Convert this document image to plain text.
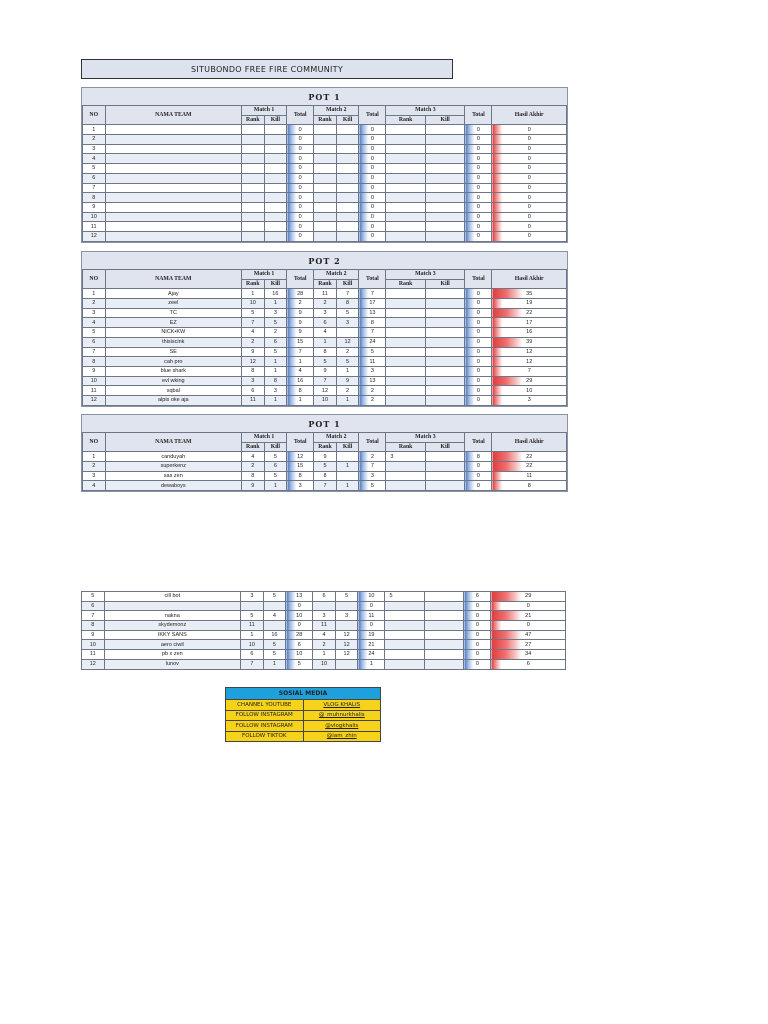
SITUBONDO FREE FIRE COMMUNITY
POT 1
NO	NAMA TEAM	Match 1		Total	Match 2		Total	Match 3		Total	Hasil Akhir
		Rank	Kill		Rank	Kill		Rank	Kill		
1				0			0			0	0
2				0			0			0	0
3				0			0			0	0
4				0			0			0	0
5				0			0			0	0
6				0			0			0	0
7				0			0			0	0
8				0			0			0	0
9				0			0			0	0
10				0			0			0	0
11				0			0			0	0
12				0			0			0	0
POT 2
NO	NAMA TEAM	Match 1		Total	Match 2		Total	Match 3		Total	Hasil Akhir
		Rank	Kill		Rank	Kill		Rank	Kill		
1	Ajay	1	16	28	11	7	7			0	35
2	zeel	10	1	2	2	8	17			0	19
3	TC	5	3	9	3	5	13			0	22
4	EZ	7	5	9	6	3	8			0	17
5	NICK•KW	4	2	9	4		7			0	16
6	thisiscink	2	6	15	1	12	24			0	39
7	SE	9	5	7	8	2	5			0	12
8	cah pro	12	1	1	5	5	11			0	12
9	blue shark	8	1	4	9	1	3			0	7
10	evl wking	3	8	16	7	9	13			0	29
11	sqbal	6	3	8	12	2	2			0	10
12	alpis oke aja	11	1	1	10	1	2			0	3
POT 1
NO	NAMA TEAM	Match 1		Total	Match 2		Total	Match 3		Total	Hasil Akhir
		Rank	Kill		Rank	Kill		Rank	Kill		
1	canduyah	4	5	12	9		2	3		8	22
2	superkenz	2	6	15	5	1	7			0	22
3	sas zen	8	5	8	8		3			0	11
4	dewaboys	9	1	3	7	1	5			0	8
5	cill bot	3	5	13	6	5	10	5		6	29
6				0			0			0	0
7	nakna	5	4	10	3	3	11			0	21
8	skydemonz	11		0	11		0			0	0
9	IKKY SANS	1	16	28	4	12	19			0	47
10	aero ciwil	10	5	6	2	12	21			0	27
11	pb x zen	6	5	10	1	12	24			0	34
12	lunov	7	1	5	10		1			0	6
SOSIAL MEDIA
CHANNEL YOUTUBE	VLOG KHALIS
FOLLOW INSTAGRAM	@_muhnurkhalis
FOLLOW INSTAGRAM	@vlogkhalis
FOLLOW TIKTOK	@iam_zhin
